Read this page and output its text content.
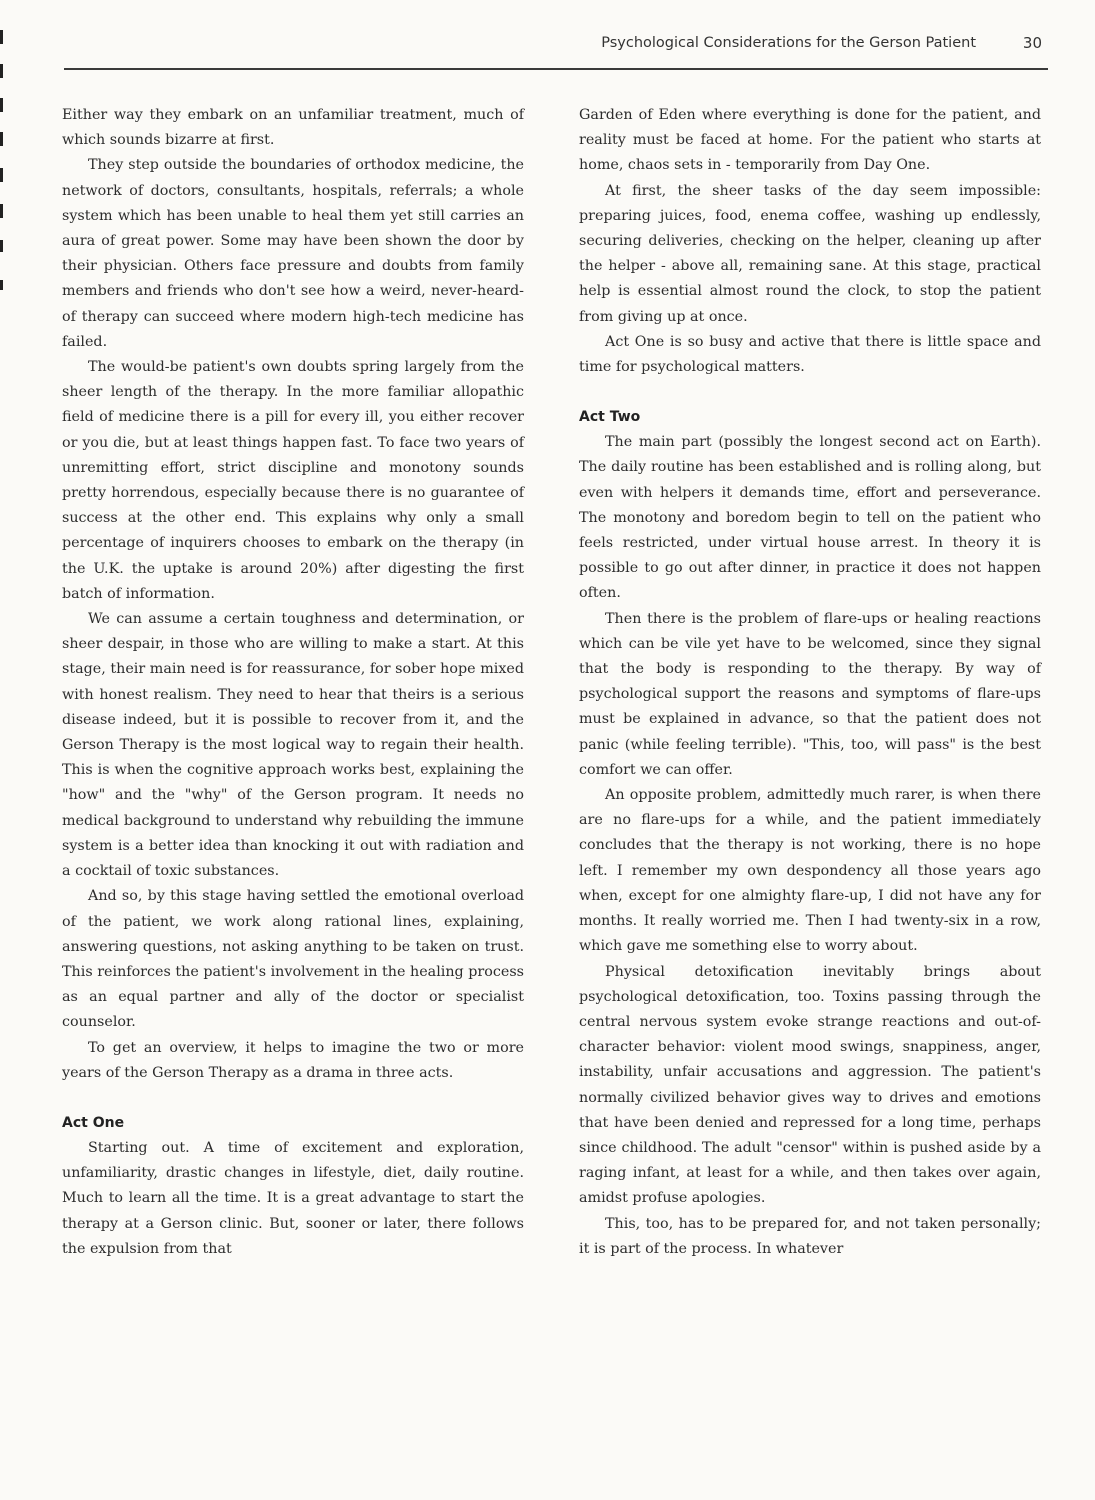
Psychological Considerations for the Gerson Patient	30

Either way they embark on an unfamiliar treatment, much of which sounds bizarre at first.

They step outside the boundaries of orthodox medicine, the network of doctors, consultants, hospitals, referrals; a whole system which has been unable to heal them yet still carries an aura of great power. Some may have been shown the door by their physician. Others face pressure and doubts from family members and friends who don't see how a weird, never-heard-of therapy can succeed where modern high-tech medicine has failed.

The would-be patient's own doubts spring largely from the sheer length of the therapy. In the more familiar allopathic field of medicine there is a pill for every ill, you either recover or you die, but at least things happen fast. To face two years of unremitting effort, strict discipline and monotony sounds pretty horrendous, especially because there is no guarantee of success at the other end. This explains why only a small percentage of inquirers chooses to embark on the therapy (in the U.K. the uptake is around 20%) after digesting the first batch of information.

We can assume a certain toughness and determination, or sheer despair, in those who are willing to make a start. At this stage, their main need is for reassurance, for sober hope mixed with honest realism. They need to hear that theirs is a serious disease indeed, but it is possible to recover from it, and the Gerson Therapy is the most logical way to regain their health. This is when the cognitive approach works best, explaining the "how" and the "why" of the Gerson program. It needs no medical background to understand why rebuilding the immune system is a better idea than knocking it out with radiation and a cocktail of toxic substances.

And so, by this stage having settled the emotional overload of the patient, we work along rational lines, explaining, answering questions, not asking anything to be taken on trust. This reinforces the patient's involvement in the healing process as an equal partner and ally of the doctor or specialist counselor.

To get an overview, it helps to imagine the two or more years of the Gerson Therapy as a drama in three acts.

Act One

Starting out. A time of excitement and exploration, unfamiliarity, drastic changes in lifestyle, diet, daily routine. Much to learn all the time. It is a great advantage to start the therapy at a Gerson clinic. But, sooner or later, there follows the expulsion from that

Garden of Eden where everything is done for the patient, and reality must be faced at home. For the patient who starts at home, chaos sets in - temporarily from Day One.

At first, the sheer tasks of the day seem impossible: preparing juices, food, enema coffee, washing up endlessly, securing deliveries, checking on the helper, cleaning up after the helper - above all, remaining sane. At this stage, practical help is essential almost round the clock, to stop the patient from giving up at once.

Act One is so busy and active that there is little space and time for psychological matters.

Act Two

The main part (possibly the longest second act on Earth). The daily routine has been established and is rolling along, but even with helpers it demands time, effort and perseverance. The monotony and boredom begin to tell on the patient who feels restricted, under virtual house arrest. In theory it is possible to go out after dinner, in practice it does not happen often.

Then there is the problem of flare-ups or healing reactions which can be vile yet have to be welcomed, since they signal that the body is responding to the therapy. By way of psychological support the reasons and symptoms of flare-ups must be explained in advance, so that the patient does not panic (while feeling terrible). "This, too, will pass" is the best comfort we can offer.

An opposite problem, admittedly much rarer, is when there are no flare-ups for a while, and the patient immediately concludes that the therapy is not working, there is no hope left. I remember my own despondency all those years ago when, except for one almighty flare-up, I did not have any for months. It really worried me. Then I had twenty-six in a row, which gave me something else to worry about.

Physical detoxification inevitably brings about psychological detoxification, too. Toxins passing through the central nervous system evoke strange reactions and out-of-character behavior: violent mood swings, snappiness, anger, instability, unfair accusations and aggression. The patient's normally civilized behavior gives way to drives and emotions that have been denied and repressed for a long time, perhaps since childhood. The adult "censor" within is pushed aside by a raging infant, at least for a while, and then takes over again, amidst profuse apologies.

This, too, has to be prepared for, and not taken personally; it is part of the process. In whatever
